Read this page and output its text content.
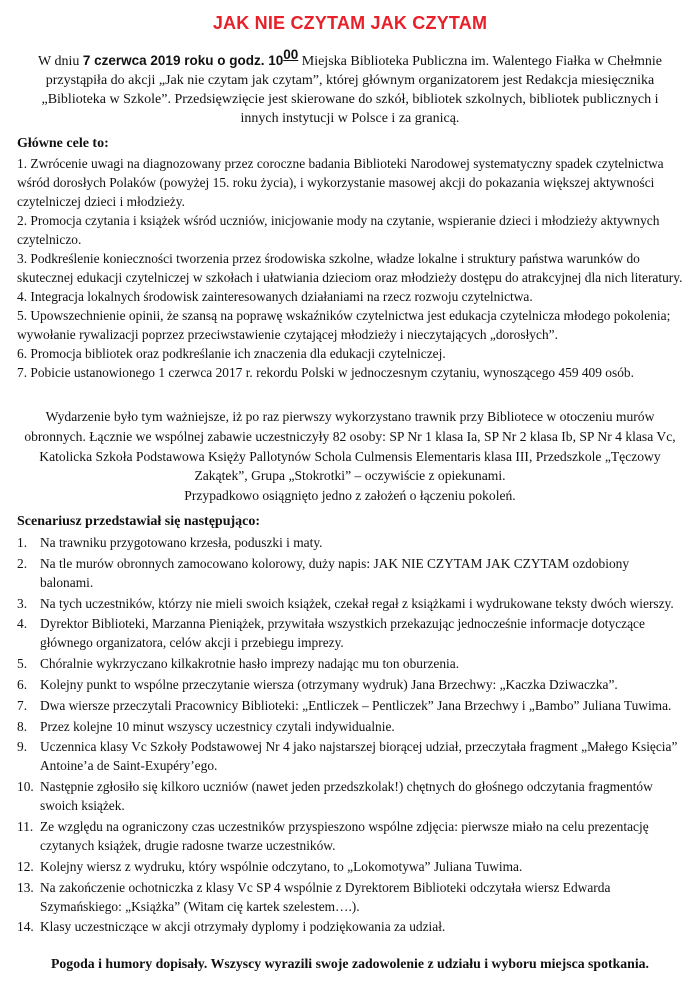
JAK NIE CZYTAM JAK CZYTAM
W dniu 7 czerwca 2019 roku o godz. $10^{00}$ Miejska Biblioteka Publiczna im. Walentego Fiałka w Chełmnie przystąpiła do akcji „Jak nie czytam jak czytam”, której głównym organizatorem jest Redakcja miesięcznika „Biblioteka w Szkole”. Przedsięwzięcie jest skierowane do szkół, bibliotek szkolnych, bibliotek publicznych i innych instytucji w Polsce i za granicą.
Główne cele to:

1. Zwrócenie uwagi na diagnozowany przez coroczne badania Biblioteki Narodowej systematyczny spadek czytelnictwa wśród dorosłych Polaków (powyżej 15. roku życia), i wykorzystanie masowej akcji do pokazania większej aktywności czytelniczej dzieci i młodzieży.

2. Promocja czytania i książek wśród uczniów, inicjowanie mody na czytanie, wspieranie dzieci i młodzieży aktywnych czytelniczo.

3. Podkreślenie konieczności tworzenia przez środowiska szkolne, władze lokalne i struktury państwa warunków do skutecznej edukacji czytelniczej w szkołach i ułatwiania dzieciom oraz młodzieży dostępu do atrakcyjnej dla nich literatury.

4. Integracja lokalnych środowisk zainteresowanych działaniami na rzecz rozwoju czytelnictwa.

5. Upowszechnienie opinii, że szansą na poprawę wskaźników czytelnictwa jest edukacja czytelnicza młodego pokolenia; wywołanie rywalizacji poprzez przeciwstawienie czytającej młodzieży i nieczytających „dorosłych”.

6. Promocja bibliotek oraz podkreślanie ich znaczenia dla edukacji czytelniczej.

7. Pobicie ustanowionego 1 czerwca 2017 r. rekordu Polski w jednoczesnym czytaniu, wynoszącego 459 409 osób.

Wydarzenie było tym ważniejsze, iż po raz pierwszy wykorzystano trawnik przy Bibliotece w otoczeniu murów obronnych. Łącznie we wspólnej zabawie uczestniczyły 82 osoby: SP Nr 1 klasa Ia, SP Nr 2 klasa Ib, SP Nr 4 klasa Vc, Katolicka Szkoła Podstawowa Księży Pallotynów Schola Culmensis Elementaris klasa III, Przedszkole „Tęczowy Zakątek”, Grupa „Stokrotki” – oczywiście z opiekunami.

Przypadkowo osiągnięto jedno z założeń o łączeniu pokoleń.

Scenariusz przedstawiał się następująco:
1. Na trawniku przygotowano krzesła, poduszki i maty.
2. Na tle murów obronnych zamocowano kolorowy, duży napis: JAK NIE CZYTAM JAK CZYTAM ozdobiony balonami.
3. Na tych uczestników, którzy nie mieli swoich książek, czekał regał z książkami i wydrukowane teksty dwóch wierszy.
4. Dyrektor Biblioteki, Marzanna Pieniążek, przywitała wszystkich przekazując jednocześnie informacje dotyczące głównego organizatora, celów akcji i przebiegu imprezy.
5. Chóralnie wykrzyczano kilkakrotnie hasło imprezy nadając mu ton oburzenia.
6. Kolejny punkt to wspólne przeczytanie wiersza (otrzymany wydruk) Jana Brzechwy: „Kaczka Dziwaczka”.
7. Dwa wiersze przeczytali Pracownicy Biblioteki: „Entliczek – Pentliczek” Jana Brzechwy i „Bambo” Juliana Tuwima.
8. Przez kolejne 10 minut wszyscy uczestnicy czytali indywidualnie.
9. Uczennica klasy Vc Szkoły Podstawowej Nr 4 jako najstarszej biorącej udział, przeczytała fragment „Małego Księcia” Antoine’a de Saint-Exupéry’ego.
10. Następnie zgłosiło się kilkoro uczniów (nawet jeden przedszkolak!) chętnych do głośnego odczytania fragmentów swoich książek.
11. Ze względu na ograniczony czas uczestników przyspieszono wspólne zdjęcia: pierwsze miało na celu prezentację czytanych książek, drugie radosne twarze uczestników.
12. Kolejny wiersz z wydruku, który wspólnie odczytano, to „Lokomotywa” Juliana Tuwima.
13. Na zakończenie ochotniczka z klasy Vc SP 4 wspólnie z Dyrektorem Biblioteki odczytała wiersz Edwarda Szymańskiego: „Książka” (Witam cię kartek szelestem….).
14. Klasy uczestniczące w akcji otrzymały dyplomy i podziękowania za udział.
Pogoda i humory dopisały. Wszyscy wyrazili swoje zadowolenie z udziału i wyboru miejsca spotkania.
